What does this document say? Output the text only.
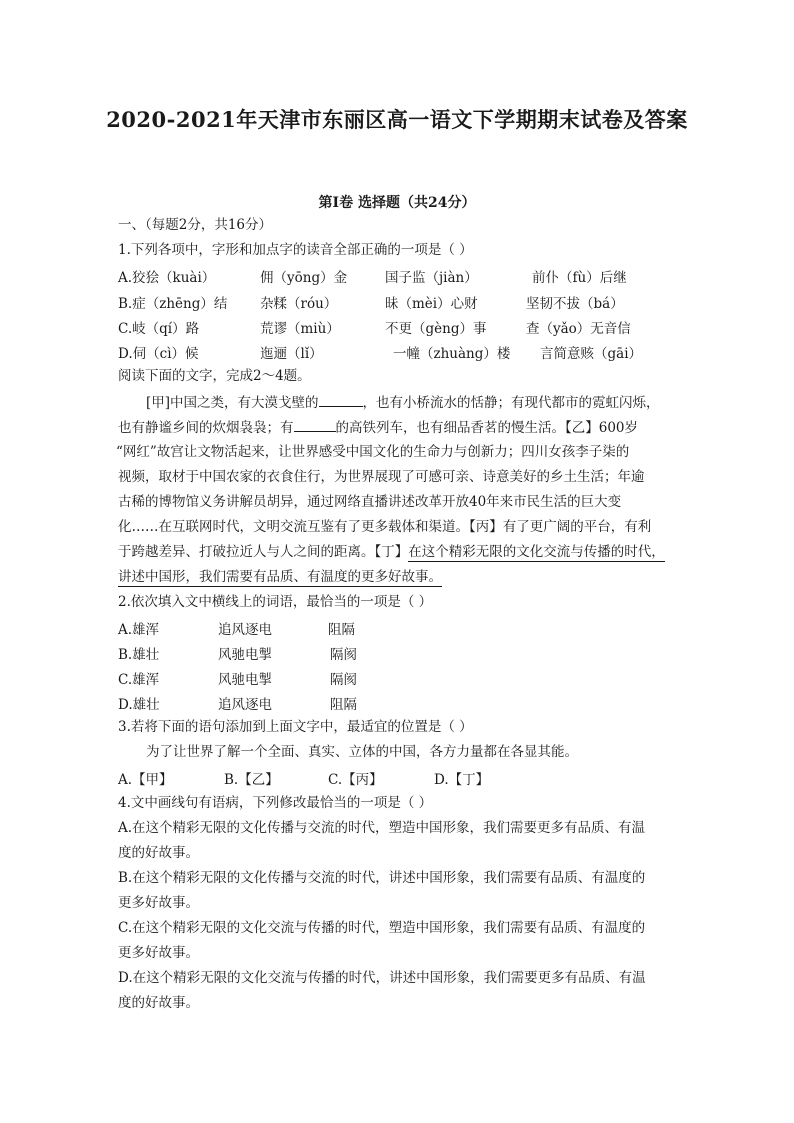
2020-2021年天津市东丽区高一语文下学期期末试卷及答案
第Ⅰ卷 选择题（共24分）
一、（每题2分，共16分）
1.下列各项中，字形和加点字的读音全部正确的一项是（ ）
A.狡狯（kuài）	佣（yōng）金	国子监（jiàn）	前仆（fù）后继
B.症（zhēng）结 杂糅（róu）	昧（mèi）心财	坚韧不拔（bá）
C.岐（qí）路	荒谬（miù）	不更（gèng）事	查（yǎo）无音信
D.伺（cì）候	迤逦（lǐ）	一幢（zhuàng）楼 言简意赅（gāi）
阅读下面的文字，完成2～4题。
[甲]中国之类，有大漠戈壁的	，也有小桥流水的恬静；有现代都市的霓虹闪烁，
也有静谧乡间的炊烟袅袅；有	的高铁列车，也有细品香茗的慢生活。【乙】600岁
“网红”故宫让文物活起来，让世界感受中国文化的生命力与创新力；四川女孩李子柒的
视频，取材于中国农家的衣食住行，为世界展现了可感可亲、诗意美好的乡土生活；年逾
古稀的博物馆义务讲解员胡异，通过网络直播讲述改革开放40年来市民生活的巨大变
化……在互联网时代，文明交流互鉴有了更多载体和渠道。【丙】有了更广阔的平台，有利
于跨越差异、打破拉近人与人之间的距离。【丁】在这个精彩无限的文化交流与传播的时代，
讲述中国形，我们需要有品质、有温度的更多好故事。
2.依次填入文中横线上的词语，最恰当的一项是（ ）
A.雄浑	追风逐电	阻隔
B.雄壮	风驰电掣	隔阂
C.雄浑	风驰电掣	隔阂
D.雄壮	追风逐电	阻隔
3.若将下面的语句添加到上面文字中，最适宜的位置是（ ）
为了让世界了解一个全面、真实、立体的中国，各方力量都在各显其能。
A.【甲】	B.【乙】	C.【丙】	D.【丁】
4.文中画线句有语病，下列修改最恰当的一项是（ ）
A.在这个精彩无限的文化传播与交流的时代，塑造中国形象，我们需要更多有品质、有温
度的好故事。
B.在这个精彩无限的文化传播与交流的时代，讲述中国形象，我们需要有品质、有温度的
更多好故事。
C.在这个精彩无限的文化交流与传播的时代，塑造中国形象，我们需要有品质、有温度的
更多好故事。
D.在这个精彩无限的文化交流与传播的时代，讲述中国形象，我们需要更多有品质、有温
度的好故事。
